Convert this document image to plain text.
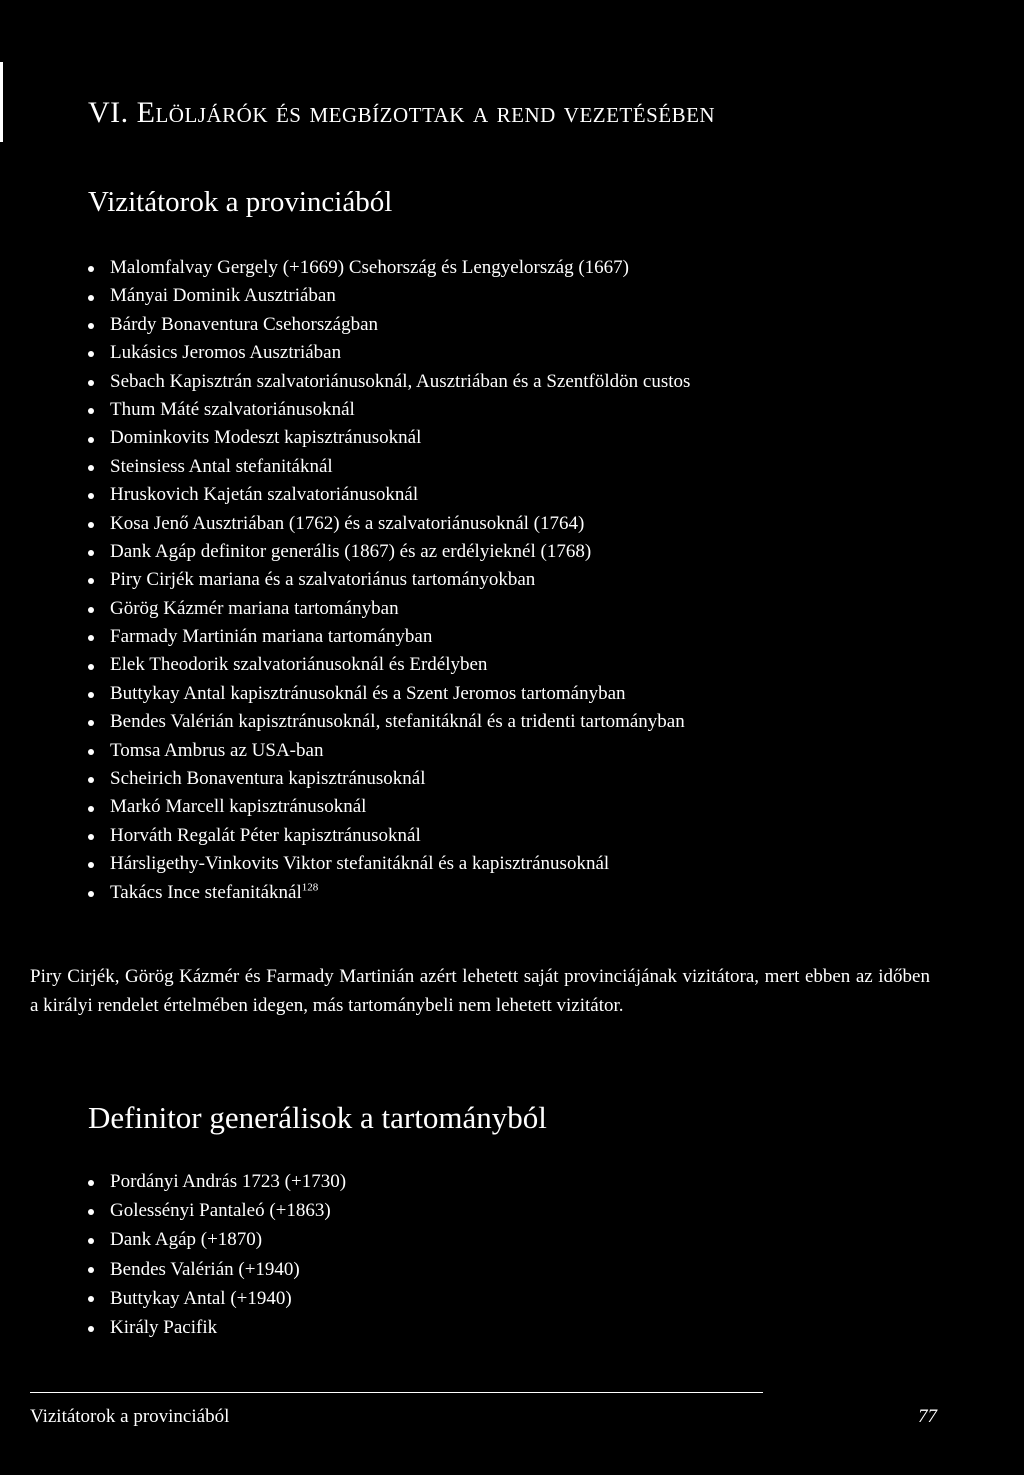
VI. Elöljárók és megbízottak a rend vezetésében
Vizitátorok a provinciából
Malomfalvay Gergely (+1669) Csehország és Lengyelország (1667)
Mányai Dominik Ausztriában
Bárdy Bonaventura Csehországban
Lukásics Jeromos Ausztriában
Sebach Kapisztrán szalvatoriánusoknál, Ausztriában és a Szentföldön custos
Thum Máté szalvatoriánusoknál
Dominkovits Modeszt kapisztránusoknál
Steinsiess Antal stefanitáknál
Hruskovich Kajetán szalvatoriánusoknál
Kosa Jenő Ausztriában (1762) és a szalvatoriánusoknál (1764)
Dank Agáp definitor generális (1867) és az erdélyieknél (1768)
Piry Cirjék mariana és a szalvatoriánus tartományokban
Görög Kázmér mariana tartományban
Farmady Martinián mariana tartományban
Elek Theodorik szalvatoriánusoknál és Erdélyben
Buttykay Antal kapisztránusoknál és a Szent Jeromos tartományban
Bendes Valérián kapisztránusoknál, stefanitáknál és a tridenti tartományban
Tomsa Ambrus az USA-ban
Scheirich Bonaventura kapisztránusoknál
Markó Marcell kapisztránusoknál
Horváth Regalát Péter kapisztránusoknál
Hársligethy-Vinkovits Viktor stefanitáknál és a kapisztránusoknál
Takács Ince stefanitáknál$^{128}$

Piry Cirjék, Görög Kázmér és Farmady Martinián azért lehetett saját provinciájának vizitátora, mert ebben az időben a királyi rendelet értelmében idegen, más tartománybeli nem lehetett vizitátor.

Definitor generálisok a tartományból
Pordányi András 1723 (+1730)
Golessényi Pantaleó (+1863)
Dank Agáp (+1870)
Bendes Valérián (+1940)
Buttykay Antal (+1940)
Király Pacifik
Vizitátorok a provinciából	77
